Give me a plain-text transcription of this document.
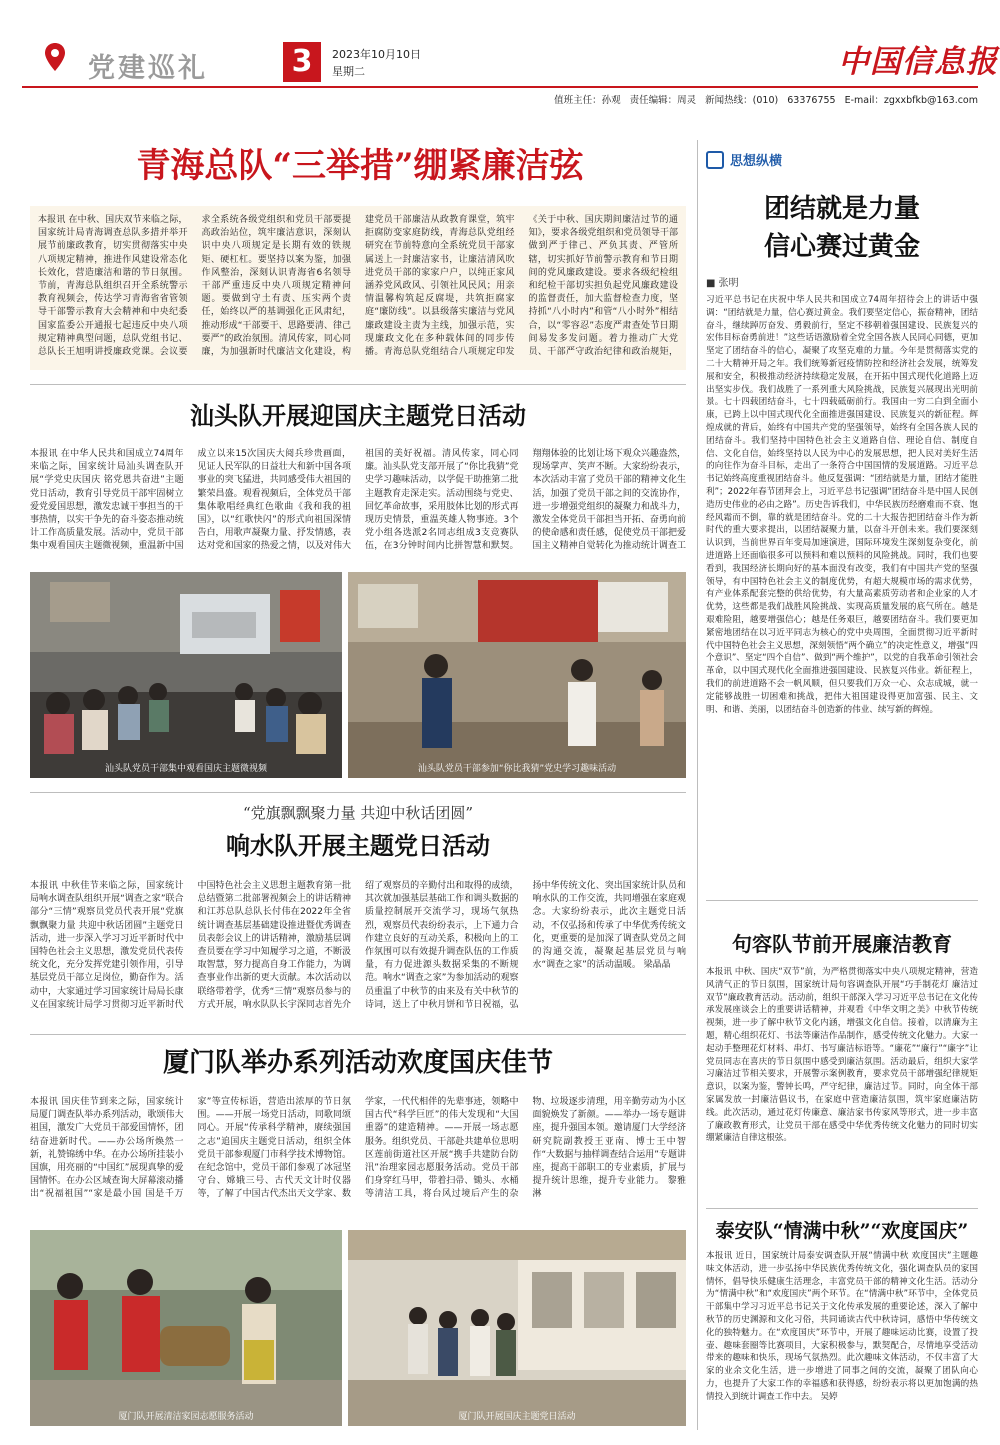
党建巡礼	3	2023年10月10日
星期二	中国信息报
值班主任：孙观 责任编辑：周灵 新闻热线：(010) 63376755 E-mail：zgxxbfkb@163.com
青海总队“三举措”绷紧廉洁弦
本报讯 在中秋、国庆双节来临之际，国家统计局青海调查总队多措并举开展节前廉政教育，切实贯彻落实中央八项规定精神，推进作风建设常态化长效化，营造廉洁和谐的节日氛围。节前，青海总队组织召开全系统警示教育视频会，传达学习青海省省管领导干部警示教育大会精神和中央纪委国家监委公开通报七起违反中央八项规定精神典型问题，总队党组书记、总队长王旭明讲授廉政党课。会议要求全系统各级党组织和党员干部要提高政治站位，筑牢廉洁意识，深刻认识中央八项规定是长期有效的铁规矩、硬杠杠。要坚持以案为鉴，加强作风整治，深刻认识青海省6名领导干部严重违反中央八项规定精神问题。要做到守土有责、压实两个责任，始终以严的基调强化正风肃纪，推动形成“干部要干、思路要清、律己要严”的政治氛围。清风传家，同心同廉，为加强新时代廉洁文化建设，构建党员干部廉洁从政教育课堂，筑牢拒腐防变家庭防线，青海总队党组经研究在节前特意向全系统党员干部家属送上一封廉洁家书，让廉洁清风吹进党员干部的家家户户，以纯正家风涵养党风政风、引领社风民风；用亲情温馨构筑起反腐堤，共筑拒腐家庭“廉防线”。以县级落实廉洁与党风廉政建设主责为主线，加强示范，实现廉政文化在多种载体间的同步传播。青海总队党组结合八项规定印发《关于中秋、国庆期间廉洁过节的通知》，要求各级党组织和党员领导干部做到严于律己、严负其责、严管所辖，切实抓好节前警示教育和节日期间的党风廉政建设。要求各级纪检组和纪检干部切实担负起党风廉政建设的监督责任，加大监督检查力度，坚持抓“八小时内”和管“八小时外”相结合，以“零容忍”态度严肃查处节日期间易发多发问题。着力推动广大党员、干部严守政治纪律和政治规矩，
汕头队开展迎国庆主题党日活动
本报讯 在中华人民共和国成立74周年来临之际，国家统计局汕头调查队开展“学党史庆国庆 铭党恩共奋进”主题党日活动，教育引导党员干部牢固树立爱党爱国思想，激发忠诚干事担当的干事热情，以实干争先的奋斗姿态推动统计工作高质量发展。活动中，党员干部集中观看国庆主题微视频，重温新中国成立以来15次国庆大阅兵珍贵画面，见证人民军队的日益壮大和新中国各项事业的突飞猛进，共同感受伟大祖国的繁荣昌盛。观看视频后，全体党员干部集体歌唱经典红色歌曲《我和我的祖国》，以“红歌快闪”的形式向祖国深情告白，用歌声凝聚力量、抒发情感，表达对党和国家的热爱之情，以及对伟大祖国的美好祝福。清风传家，同心同廉。汕头队党支部开展了“你比我猜”党史学习趣味活动，以学促干助推第二批主题教育走深走实。活动围绕与党史、回忆革命故事，采用肢体比划的形式再现历史情景，重温英雄人物事迹。3个党小组各选派2名同志组成3支竞赛队伍，在3分钟时间内比拼智慧和默契。翔翔体验的比划让场下观众兴趣盎然，现场掌声、笑声不断。大家纷纷表示，本次活动丰富了党员干部的精神文化生活，加强了党员干部之间的交流协作，进一步增强党组织的凝聚力和战斗力，激发全体党员干部担当开拓、奋勇向前的使命感和责任感，促使党员干部把爱国主义精神自觉转化为推动统计调查工
汕头队党员干部集中观看国庆主题微视频	汕头队党员干部参加“你比我猜”党史学习趣味活动
“党旗飘飘聚力量 共迎中秋话团圆”
响水队开展主题党日活动
本报讯 中秋佳节来临之际，国家统计局响水调查队组织开展“调查之家”联合部分“三情”观察员党员代表开展“党旗飘飘聚力量 共迎中秋话团圆”主题党日活动，进一步深入学习习近平新时代中国特色社会主义思想，激发党员代表传统文化，充分发挥党建引领作用，引导基层党员干部立足岗位，勤奋作为。活动中，大家通过学习国家统计局局长康义在国家统计局学习贯彻习近平新时代中国特色社会主义思想主题教育第一批总结暨第二批部署视频会上的讲话精神和江苏总队总队长付伟在2022年全省统计调查基层基础建设推进暨优秀调查员表彰会议上的讲话精神，激励基层调查员要在学习中知履学习之道，不断汲取智慧，努力提高自身工作能力，为调查事业作出新的更大贡献。本次活动以联络带着学，优秀“三情”观察员参与的方式开展，响水队队长宇深同志首先介绍了观察员的辛勤付出和取得的成绩，其次就加强基层基础工作和调头数据的质量控制展开交流学习，现场气氛热烈，观察员代表纷纷表示，上下通力合作建立良好的互动关系，积极向上的工作氛围可以有效提升调查队伍的工作质量，有力促进源头数据采集的不断规范。响水“调查之家”为参加活动的观察员重温了中秋节的由来及有关中秋节的诗词，送上了中秋月饼和节日祝福，弘扬中华传统文化、突出国家统计队员和响水队的工作交流，共同增强在家庭观念。大家纷纷表示，此次主题党日活动，不仅弘扬和传承了中华优秀传统文化，更重要的是加深了调查队党员之间的沟通交流，凝聚起基层党员与响水“调查之家”的活动温暖。 梁晶晶
厦门队举办系列活动欢度国庆佳节
本报讯 国庆佳节到来之际，国家统计局厦门调查队举办系列活动，歌颂伟大祖国，激发广大党员干部爱国情怀，团结奋进新时代。——办公场所焕然一新，礼赞锦绣中华。在办公场所挂装小国旗，用亮丽的“中国红”展现真挚的爱国情怀。在办公区域查询大屏幕滚动播出“祝福祖国”“家是最小国 国是千万家”等宣传标语，营造出浓厚的节日氛围。——开展一场党日活动，同歌同颂同心。开展“传承科学精神，赓续强国之志”追国庆主题党日活动，组织全体党员干部参观厦门市科学技术博物馆。在纪念馆中，党员干部们参观了冰冠坚守台、嫦娥三号、古代天文计时仪器等，了解了中国古代杰出天文学家、数学家，一代代相伴的先辈事迹，领略中国古代“科学巨匠”的伟大发现和“大国重器”的建造精神。——开展一场志愿服务。组织党员、干部赴共建单位思明区莲前街道社区开展“携手共建防台防汛”治理家园志愿服务活动。党员干部们身穿红马甲，带着扫帚、锄头、水桶等清洁工具，将台风过境后产生的杂物、垃圾逐步清理，用辛勤劳动为小区面貌焕发了新颜。——举办一场专题讲座，提升强国本领。邀请厦门大学经济研究院副教授王亚南、博士王中智作“大数据与抽样调查结合运用”专题讲座，提高干部职工的专业素质，扩展与提升统计思维，提升专业能力。 黎雅淋
厦门队开展清洁家园志愿服务活动	厦门队开展国庆主题党日活动
思想纵横
团结就是力量
信心赛过黄金
■ 张明
习近平总书记在庆祝中华人民共和国成立74周年招待会上的讲话中强调：“团结就是力量，信心赛过黄金。我们要坚定信心，振奋精神，团结奋斗，继续踔厉奋发、勇毅前行，坚定不移朝着强国建设、民族复兴的宏伟目标奋勇前进！”这些话语激励着全党全国各族人民同心同德，更加坚定了团结奋斗的信心，凝聚了攻坚克难的力量。今年是贯彻落实党的二十大精神开局之年。我们统筹新冠疫情防控和经济社会发展，统筹发展和安全，积极推动经济持续稳定发展，在开拓中国式现代化道路上迈出坚实步伐。我们战胜了一系列重大风险挑战，民族复兴展现出光明前景。七十四载团结奋斗，七十四载砥砺前行。我国由一穷二白到全面小康，已跨上以中国式现代化全面推进强国建设、民族复兴的新征程。辉煌成就的背后，始终有中国共产党的坚强领导，始终有全国各族人民的团结奋斗。我们坚持中国特色社会主义道路自信、理论自信、制度自信、文化自信，始终坚持以人民为中心的发展思想，把人民对美好生活的向往作为奋斗目标，走出了一条符合中国国情的发展道路。习近平总书记始终高度重视团结奋斗。他反复强调：“团结就是力量，团结才能胜利”；2022年春节团拜会上，习近平总书记强调“团结奋斗是中国人民创造历史伟业的必由之路”。历史告诉我们，中华民族历经磨难而不衰、饱经风霜而不倒，靠的就是团结奋斗。党的二十大报告把团结奋斗作为新时代的重大要求提出，以团结凝聚力量，以奋斗开创未来。我们要深刻认识到，当前世界百年变局加速演进，国际环境发生深刻复杂变化，前进道路上还面临很多可以预料和难以预料的风险挑战。同时，我们也要看到，我国经济长期向好的基本面没有改变，我们有中国共产党的坚强领导，有中国特色社会主义的制度优势，有超大规模市场的需求优势，有产业体系配套完整的供给优势，有大量高素质劳动者和企业家的人才优势，这些都是我们战胜风险挑战、实现高质量发展的底气所在。越是艰难险阻，越要增强信心；越是任务艰巨，越要团结奋斗。我们要更加紧密地团结在以习近平同志为核心的党中央周围，全面贯彻习近平新时代中国特色社会主义思想，深刻领悟“两个确立”的决定性意义，增强“四个意识”、坚定“四个自信”、做到“两个维护”，以党的自我革命引领社会革命，以中国式现代化全面推进强国建设、民族复兴伟业。新征程上，我们的前进道路不会一帆风顺，但只要我们万众一心、众志成城，就一定能够战胜一切困难和挑战，把伟大祖国建设得更加富强、民主、文明、和谐、美丽，以团结奋斗创造新的伟业、续写新的辉煌。
句容队节前开展廉洁教育
本报讯 中秋、国庆“双节”前，为严格贯彻落实中央八项规定精神，营造风清气正的节日氛围，国家统计局句容调查队开展“巧手制花灯 廉洁过双节”廉政教育活动。活动前，组织干部深入学习习近平总书记在文化传承发展座谈会上的重要讲话精神，并观看《中华文明之美》中秋节传统视频，进一步了解中秋节文化内涵，增强文化自信。接着，以清廉为主题，精心组织花灯、书法等廉洁作品制作，感受传统文化魅力。大家一起动手整理花灯材料、串灯、书写廉洁标语等。“廉花”“廉行”“廉字”让党员同志在喜庆的节日氛围中感受到廉洁氛围。活动最后，组织大家学习廉洁过节相关要求，开展警示案例教育，要求党员干部增强纪律规矩意识，以案为鉴，警钟长鸣，严守纪律，廉洁过节。同时，向全体干部家属发放一封廉洁倡议书，在家庭中营造廉洁氛围，筑牢家庭廉洁防线。此次活动，通过花灯传廉意、廉洁家书传家风等形式，进一步丰富了廉政教育形式，让党员干部在感受中华优秀传统文化魅力的同时切实绷紧廉洁自律这根弦。
泰安队“情满中秋”“欢度国庆”
本报讯 近日，国家统计局泰安调查队开展“情满中秋 欢度国庆”主题趣味文体活动，进一步弘扬中华民族优秀传统文化，强化调查队员的家国情怀，倡导快乐健康生活理念，丰富党员干部的精神文化生活。活动分为“情满中秋”和“欢度国庆”两个环节。在“情满中秋”环节中，全体党员干部集中学习习近平总书记关于文化传承发展的重要论述，深入了解中秋节的历史渊源和文化习俗，共同诵读古代中秋诗词，感悟中华传统文化的独特魅力。在“欢度国庆”环节中，开展了趣味运动比赛，设置了投壶、趣味套圈等比赛项目，大家积极参与，默契配合，尽情地享受活动带来的趣味和快乐，现场气氛热烈。此次趣味文体活动，不仅丰富了大家的业余文化生活，进一步增进了同事之间的交流，凝聚了团队向心力，也提升了大家工作的幸福感和获得感，纷纷表示将以更加饱满的热情投入到统计调查工作中去。 吴婷
